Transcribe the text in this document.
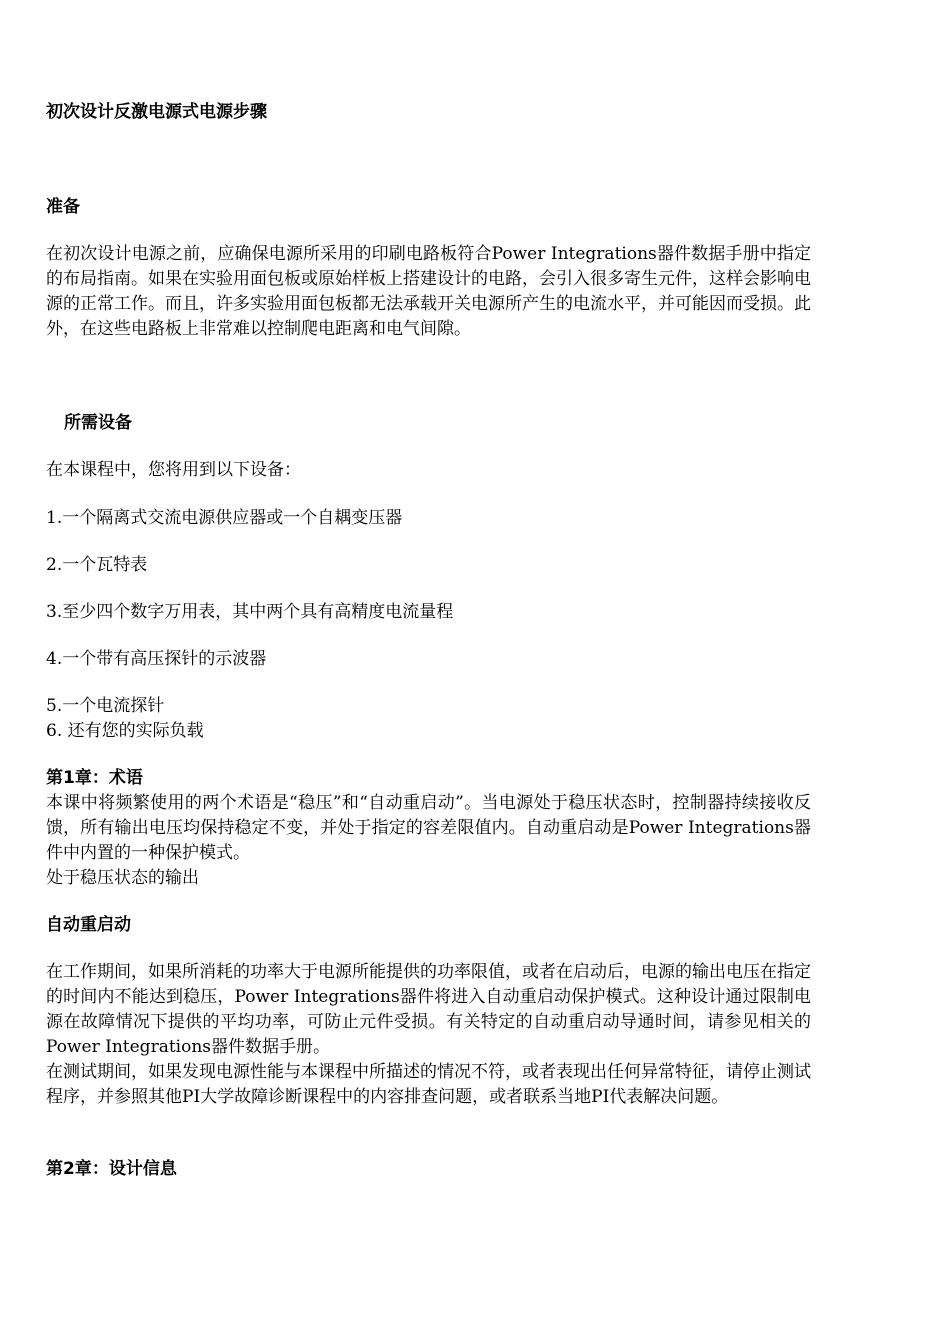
初次设计反激电源式电源步骤

准备

在初次设计电源之前，应确保电源所采用的印刷电路板符合Power Integrations器件数据手册中指定的布局指南。如果在实验用面包板或原始样板上搭建设计的电路，会引入很多寄生元件，这样会影响电源的正常工作。而且，许多实验用面包板都无法承载开关电源所产生的电流水平，并可能因而受损。此外，在这些电路板上非常难以控制爬电距离和电气间隙。

所需设备

在本课程中，您将用到以下设备：

1.一个隔离式交流电源供应器或一个自耦变压器

2.一个瓦特表

3.至少四个数字万用表，其中两个具有高精度电流量程

4.一个带有高压探针的示波器

5.一个电流探针

6. 还有您的实际负载

第1章：术语

本课中将频繁使用的两个术语是“稳压”和“自动重启动”。当电源处于稳压状态时，控制器持续接收反馈，所有输出电压均保持稳定不变，并处于指定的容差限值内。自动重启动是Power Integrations器件中内置的一种保护模式。

处于稳压状态的输出

自动重启动

在工作期间，如果所消耗的功率大于电源所能提供的功率限值，或者在启动后，电源的输出电压在指定的时间内不能达到稳压，Power Integrations器件将进入自动重启动保护模式。这种设计通过限制电源在故障情况下提供的平均功率，可防止元件受损。有关特定的自动重启动导通时间，请参见相关的Power Integrations器件数据手册。

在测试期间，如果发现电源性能与本课程中所描述的情况不符，或者表现出任何异常特征，请停止测试程序，并参照其他PI大学故障诊断课程中的内容排查问题，或者联系当地PI代表解决问题。

第2章：设计信息
